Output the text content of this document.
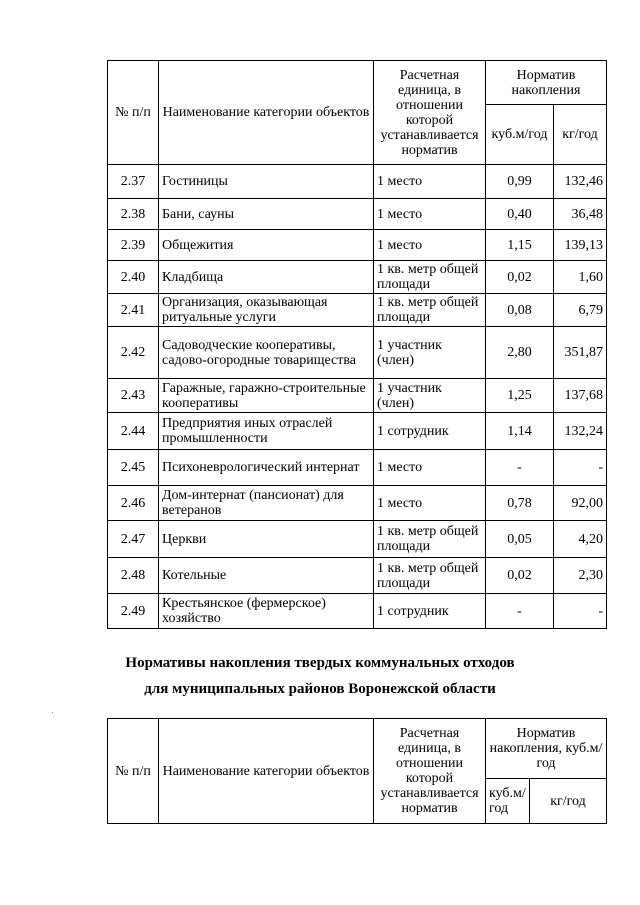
№ п/п	Наименование категории объектов	Расчетная единица, в отношении которой устанавливается норматив	Норматив накопления	
			куб.м/год	кг/год
2.37	Гостиницы	1 место	0,99	132,46
2.38	Бани, сауны	1 место	0,40	36,48
2.39	Общежития	1 место	1,15	139,13
2.40	Кладбища	1 кв. метр общей площади	0,02	1,60
2.41	Организация, оказывающая ритуальные услуги	1 кв. метр общей площади	0,08	6,79
2.42	Садоводческие кооперативы, садово-огородные товарищества	1 участник (член)	2,80	351,87
2.43	Гаражные, гаражно-строительные кооперативы	1 участник (член)	1,25	137,68
2.44	Предприятия иных отраслей промышленности	1 сотрудник	1,14	132,24
2.45	Психоневрологический интернат	1 место	-	-
2.46	Дом-интернат (пансионат) для ветеранов	1 место	0,78	92,00
2.47	Церкви	1 кв. метр общей площади	0,05	4,20
2.48	Котельные	1 кв. метр общей площади	0,02	2,30
2.49	Крестьянское (фермерское) хозяйство	1 сотрудник	-	-
Нормативы накопления твердых коммунальных отходов
для муниципальных районов Воронежской области
№ п/п	Наименование категории объектов	Расчетная единица, в отношении которой устанавливается норматив	Норматив накопления, куб.м/ год	
			куб.м/ год	кг/год
